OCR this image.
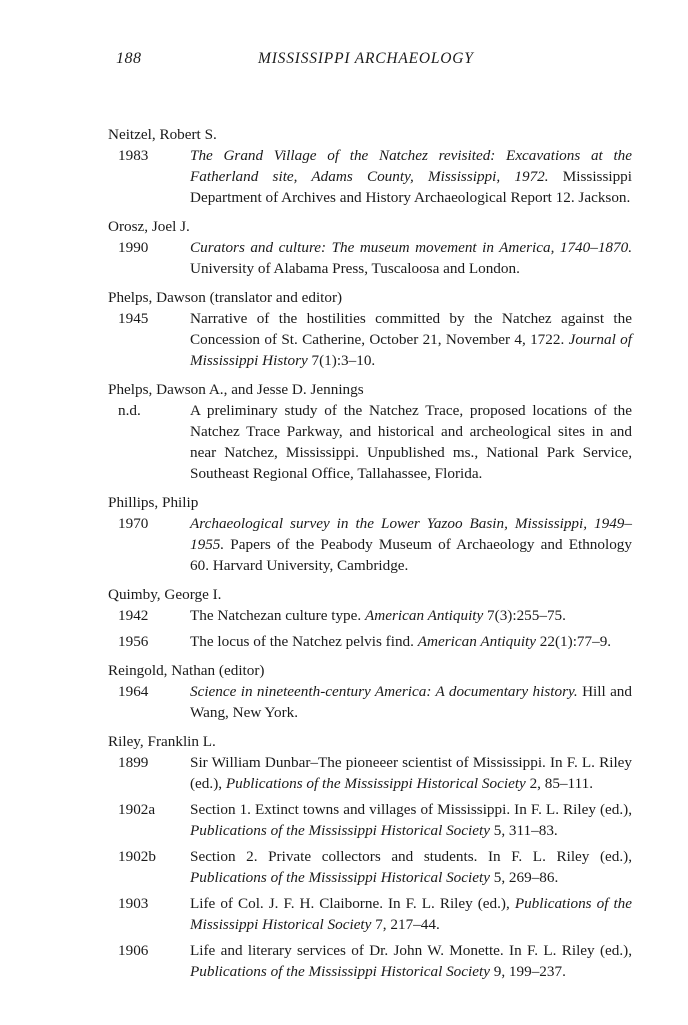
188	MISSISSIPPI ARCHAEOLOGY
Neitzel, Robert S.
1983	The Grand Village of the Natchez revisited: Excavations at the Fatherland site, Adams County, Mississippi, 1972. Mississippi Department of Archives and History Archaeological Report 12. Jackson.
Orosz, Joel J.
1990	Curators and culture: The museum movement in America, 1740–1870. University of Alabama Press, Tuscaloosa and London.
Phelps, Dawson (translator and editor)
1945	Narrative of the hostilities committed by the Natchez against the Concession of St. Catherine, October 21, November 4, 1722. Journal of Mississippi History 7(1):3–10.
Phelps, Dawson A., and Jesse D. Jennings
n.d.	A preliminary study of the Natchez Trace, proposed locations of the Natchez Trace Parkway, and historical and archeological sites in and near Natchez, Mississippi. Unpublished ms., National Park Service, Southeast Regional Office, Tallahassee, Florida.
Phillips, Philip
1970	Archaeological survey in the Lower Yazoo Basin, Mississippi, 1949–1955. Papers of the Peabody Museum of Archaeology and Ethnology 60. Harvard University, Cambridge.
Quimby, George I.
1942	The Natchezan culture type. American Antiquity 7(3):255–75.
1956	The locus of the Natchez pelvis find. American Antiquity 22(1):77–9.
Reingold, Nathan (editor)
1964	Science in nineteenth-century America: A documentary history. Hill and Wang, New York.
Riley, Franklin L.
1899	Sir William Dunbar–The pioneeer scientist of Mississippi. In F. L. Riley (ed.), Publications of the Mississippi Historical Society 2, 85–111.
1902a	Section 1. Extinct towns and villages of Mississippi. In F. L. Riley (ed.), Publications of the Mississippi Historical Society 5, 311–83.
1902b	Section 2. Private collectors and students. In F. L. Riley (ed.), Publications of the Mississippi Historical Society 5, 269–86.
1903	Life of Col. J. F. H. Claiborne. In F. L. Riley (ed.), Publications of the Mississippi Historical Society 7, 217–44.
1906	Life and literary services of Dr. John W. Monette. In F. L. Riley (ed.), Publications of the Mississippi Historical Society 9, 199–237.
